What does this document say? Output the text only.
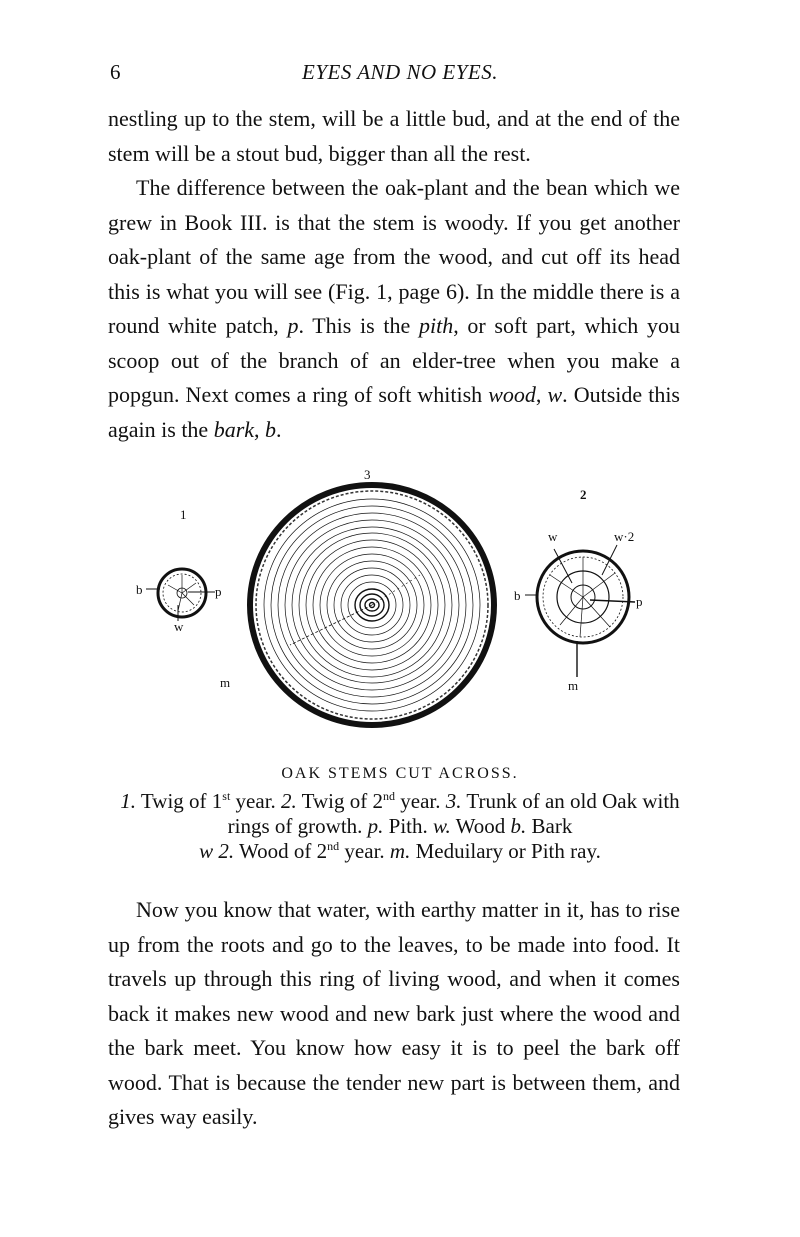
6	EYES AND NO EYES.

nestling up to the stem, will be a little bud, and at the end of the stem will be a stout bud, bigger than all the rest.

The difference between the oak-plant and the bean which we grew in Book III. is that the stem is woody. If you get another oak-plant of the same age from the wood, and cut off its head this is what you will see (Fig. 1, page 6). In the middle there is a round white patch, p. This is the pith, or soft part, which you scoop out of the branch of an elder-tree when you make a popgun. Next comes a ring of soft whitish wood, w. Outside this again is the bark, b.

1
b	p
w
3
m
2
w	w·2
b	p
m
OAK STEMS CUT ACROSS.
1. Twig of 1st year. 2. Twig of 2nd year. 3. Trunk of an old Oak with rings of growth. p. Pith. w. Wood b. Bark
w 2. Wood of 2nd year. m. Meduilary or Pith ray.

Now you know that water, with earthy matter in it, has to rise up from the roots and go to the leaves, to be made into food. It travels up through this ring of living wood, and when it comes back it makes new wood and new bark just where the wood and the bark meet. You know how easy it is to peel the bark off wood. That is because the tender new part is between them, and gives way easily.
